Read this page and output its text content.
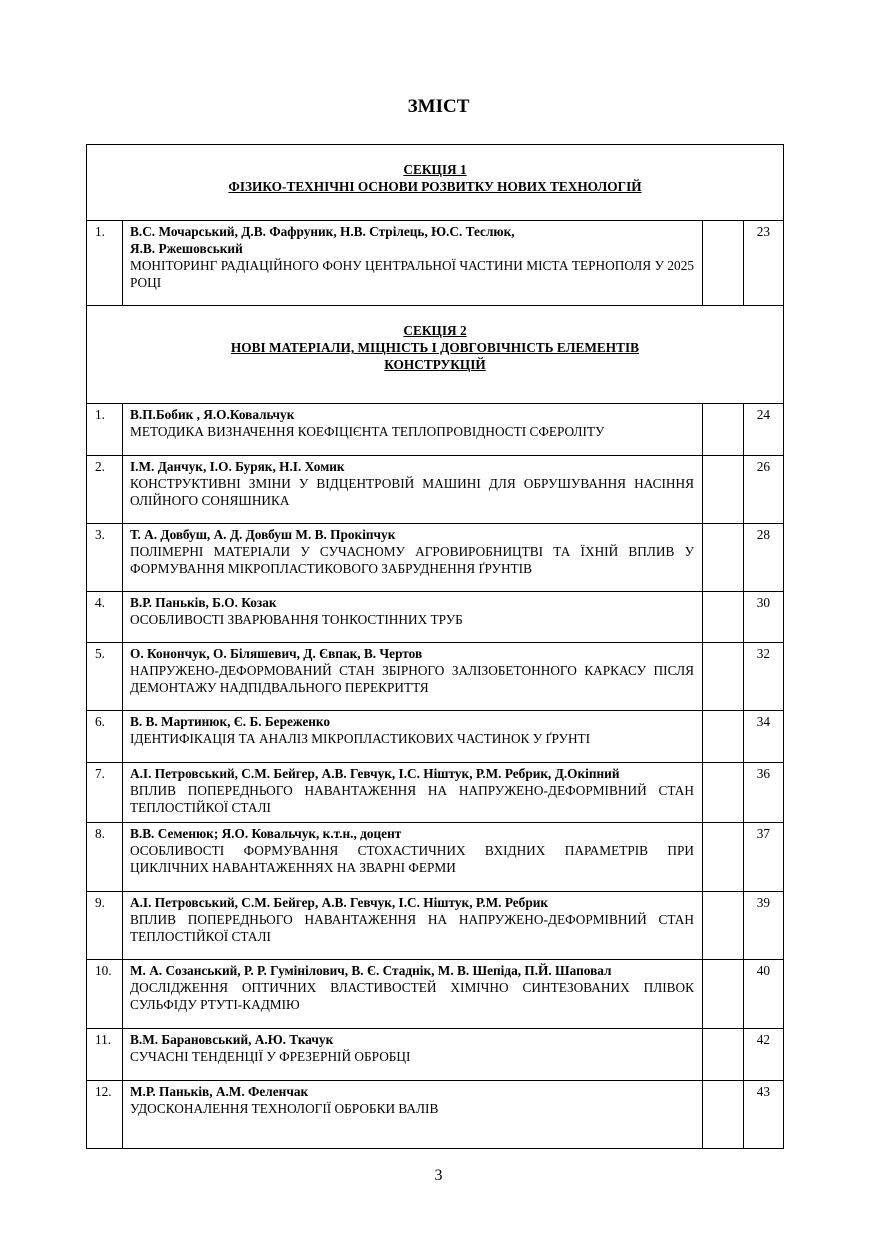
ЗМІСТ
СЕКЦІЯ 1
ФІЗИКО-ТЕХНІЧНІ ОСНОВИ РОЗВИТКУ НОВИХ ТЕХНОЛОГІЙ			

1.	В.С. Мочарський, Д.В. Фафруник, Н.В. Стрілець, Ю.С. Теслюк,
Я.В. Ржешовський
МОНІТОРИНГ РАДІАЦІЙНОГО ФОНУ ЦЕНТРАЛЬНОЇ ЧАСТИНИ МІСТА ТЕРНОПОЛЯ У 2025 РОЦІ		23

СЕКЦІЯ 2
НОВІ МАТЕРІАЛИ, МІЦНІСТЬ І ДОВГОВІЧНІСТЬ ЕЛЕМЕНТІВ
КОНСТРУКЦІЙ			

1.	В.П.Бобик , Я.О.Ковальчук
МЕТОДИКА ВИЗНАЧЕННЯ КОЕФІЦІЄНТА ТЕПЛОПРОВІДНОСТІ СФЕРОЛІТУ		24
2.	І.М. Данчук, І.О. Буряк, Н.І. Хомик
КОНСТРУКТИВНІ ЗМІНИ У ВІДЦЕНТРОВІЙ МАШИНІ ДЛЯ ОБРУШУВАННЯ НАСІННЯ ОЛІЙНОГО СОНЯШНИКА		26
3.	Т. А. Довбуш, А. Д. Довбуш М. В. Прокіпчук
ПОЛІМЕРНІ МАТЕРІАЛИ У СУЧАСНОМУ АГРОВИРОБНИЦТВІ ТА ЇХНІЙ ВПЛИВ У ФОРМУВАННЯ МІКРОПЛАСТИКОВОГО ЗАБРУДНЕННЯ ҐРУНТІВ		28
4.	В.Р. Паньків, Б.О. Козак
ОСОБЛИВОСТІ ЗВАРЮВАННЯ ТОНКОСТІННИХ ТРУБ		30
5.	О. Конончук, О. Біляшевич, Д. Євпак, В. Чертов
НАПРУЖЕНО-ДЕФОРМОВАНИЙ СТАН ЗБІРНОГО ЗАЛІЗОБЕТОННОГО КАРКАСУ ПІСЛЯ ДЕМОНТАЖУ НАДПІДВАЛЬНОГО ПЕРЕКРИТТЯ		32
6.	В. В. Мартинюк, Є. Б. Береженко
ІДЕНТИФІКАЦІЯ ТА АНАЛІЗ МІКРОПЛАСТИКОВИХ ЧАСТИНОК У ҐРУНТІ		34
7.	А.І. Петровський, С.М. Бейгер, А.В. Гевчук, І.С. Ніштук, Р.М. Ребрик, Д.Окіпний
ВПЛИВ ПОПЕРЕДНЬОГО НАВАНТАЖЕННЯ НА НАПРУЖЕНО-ДЕФОРМІВНИЙ СТАН ТЕПЛОСТІЙКОЇ СТАЛІ		36
8.	В.В. Семенюк; Я.О. Ковальчук, к.т.н., доцент
ОСОБЛИВОСТІ ФОРМУВАННЯ СТОХАСТИЧНИХ ВХІДНИХ ПАРАМЕТРІВ ПРИ ЦИКЛІЧНИХ НАВАНТАЖЕННЯХ НА ЗВАРНІ ФЕРМИ		37
9.	А.І. Петровський, С.М. Бейгер, А.В. Гевчук, І.С. Ніштук, Р.М. Ребрик
ВПЛИВ ПОПЕРЕДНЬОГО НАВАНТАЖЕННЯ НА НАПРУЖЕНО-ДЕФОРМІВНИЙ СТАН ТЕПЛОСТІЙКОЇ СТАЛІ		39
10.	М. А. Созанський, Р. Р. Гумінілович, В. Є. Стаднік, М. В. Шепіда, П.Й. Шаповал
ДОСЛІДЖЕННЯ ОПТИЧНИХ ВЛАСТИВОСТЕЙ ХІМІЧНО СИНТЕЗОВАНИХ ПЛІВОК СУЛЬФІДУ РТУТІ-КАДМІЮ		40
11.	В.М. Барановський, А.Ю. Ткачук
СУЧАСНІ ТЕНДЕНЦІЇ У ФРЕЗЕРНІЙ ОБРОБЦІ		42
12.	М.Р. Паньків, А.М. Феленчак
УДОСКОНАЛЕННЯ ТЕХНОЛОГІЇ ОБРОБКИ ВАЛІВ		43
3
